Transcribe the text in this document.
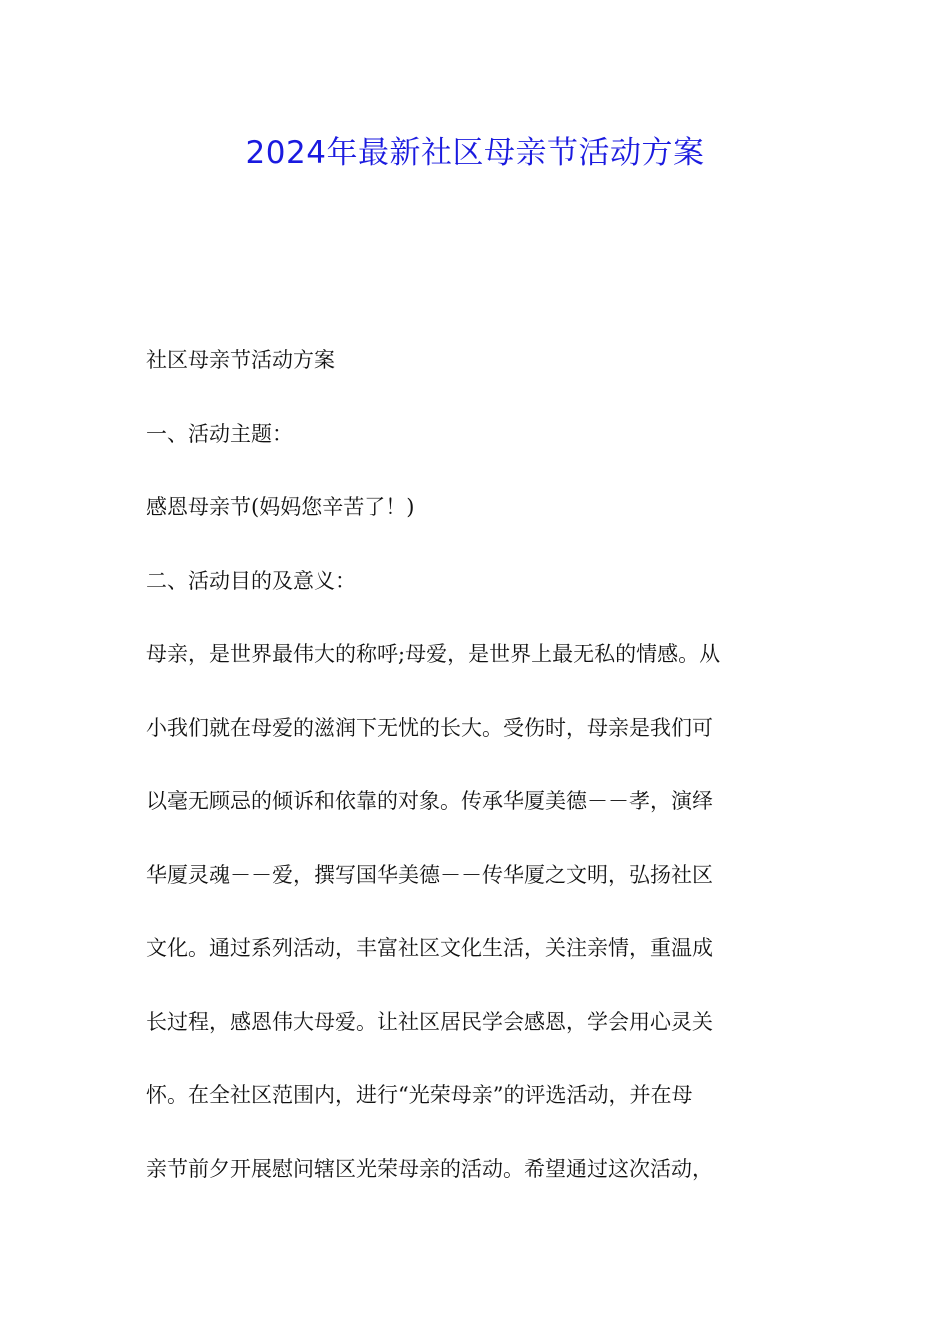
2024年最新社区母亲节活动方案

社区母亲节活动方案

一、活动主题：

感恩母亲节(妈妈您辛苦了！)

二、活动目的及意义：

母亲，是世界最伟大的称呼;母爱，是世界上最无私的情感。从

小我们就在母爱的滋润下无忧的长大。受伤时，母亲是我们可

以毫无顾忌的倾诉和依靠的对象。传承华厦美德－－孝，演绎

华厦灵魂－－爱，撰写国华美德－－传华厦之文明，弘扬社区

文化。通过系列活动，丰富社区文化生活，关注亲情，重温成

长过程，感恩伟大母爱。让社区居民学会感恩，学会用心灵关

怀。在全社区范围内，进行“光荣母亲”的评选活动，并在母

亲节前夕开展慰问辖区光荣母亲的活动。希望通过这次活动，
